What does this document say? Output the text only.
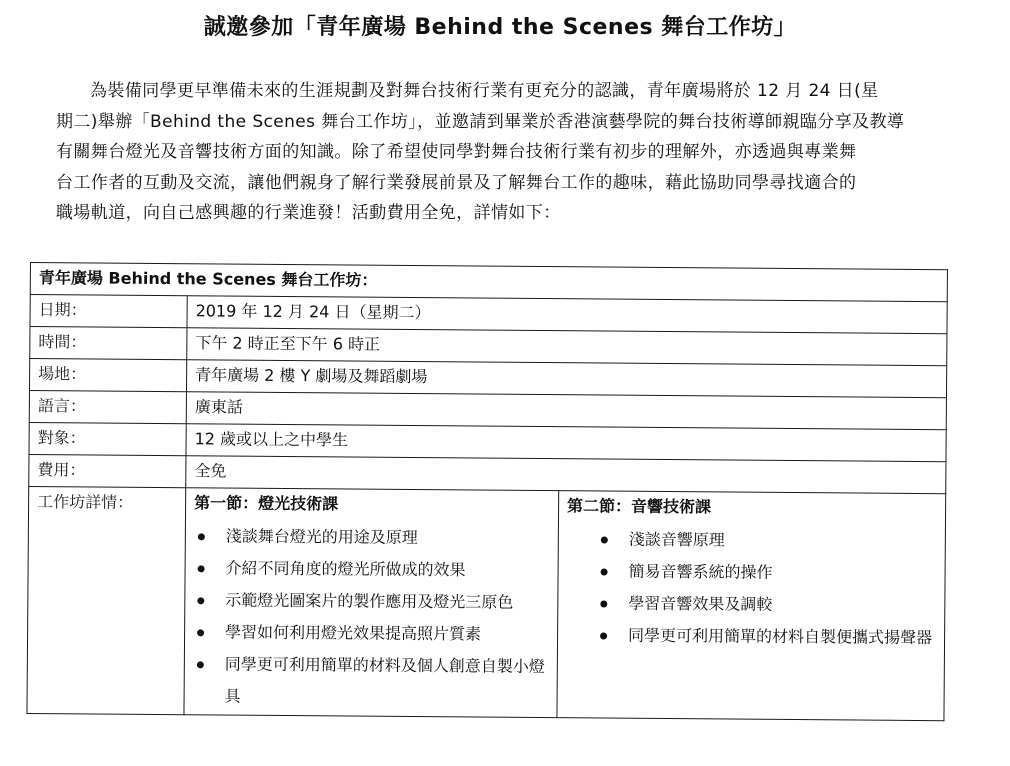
誠邀參加「青年廣場 Behind the Scenes 舞台工作坊」
為裝備同學更早準備未來的生涯規劃及對舞台技術行業有更充分的認識，青年廣場將於 12 月 24 日(星
期二)舉辦「Behind the Scenes 舞台工作坊」，並邀請到畢業於香港演藝學院的舞台技術導師親臨分享及教導
有關舞台燈光及音響技術方面的知識。除了希望使同學對舞台技術行業有初步的理解外，亦透過與專業舞
台工作者的互動及交流，讓他們親身了解行業發展前景及了解舞台工作的趣味，藉此協助同學尋找適合的
職場軌道，向自己感興趣的行業進發！活動費用全免，詳情如下：
青年廣場 Behind the Scenes 舞台工作坊：		
日期：	2019 年 12 月 24 日（星期二）	
時間：	下午 2 時正至下午 6 時正	
場地：	青年廣場 2 樓 Y 劇場及舞蹈劇場	
語言：	廣東話	
對象：	12 歲或以上之中學生	
費用：	全免	
工作坊詳情：	第一節：燈光技術課
淺談舞台燈光的用途及原理
介紹不同角度的燈光所做成的效果
示範燈光圖案片的製作應用及燈光三原色
學習如何利用燈光效果提高照片質素
同學更可利用簡單的材料及個人創意自製小燈具

第二節：音響技術課
淺談音響原理
簡易音響系統的操作
學習音響效果及調較
同學更可利用簡單的材料自製便攜式揚聲器
